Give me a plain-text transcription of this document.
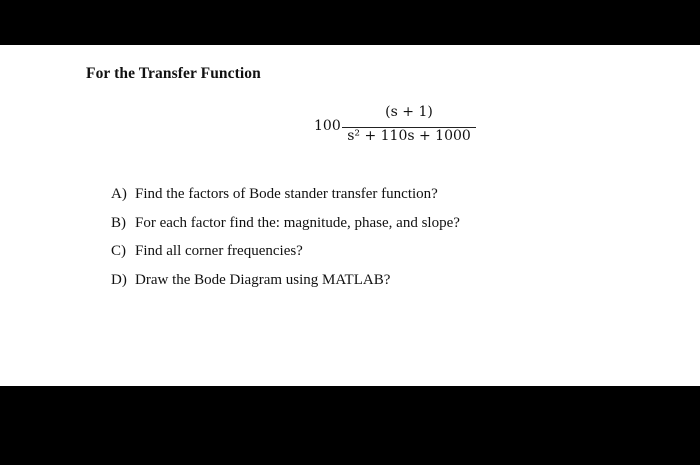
For the Transfer Function
100
(s + 1)
s² + 110s + 1000
A) Find the factors of Bode stander transfer function?
B) For each factor find the: magnitude, phase, and slope?
C) Find all corner frequencies?
D) Draw the Bode Diagram using MATLAB?
